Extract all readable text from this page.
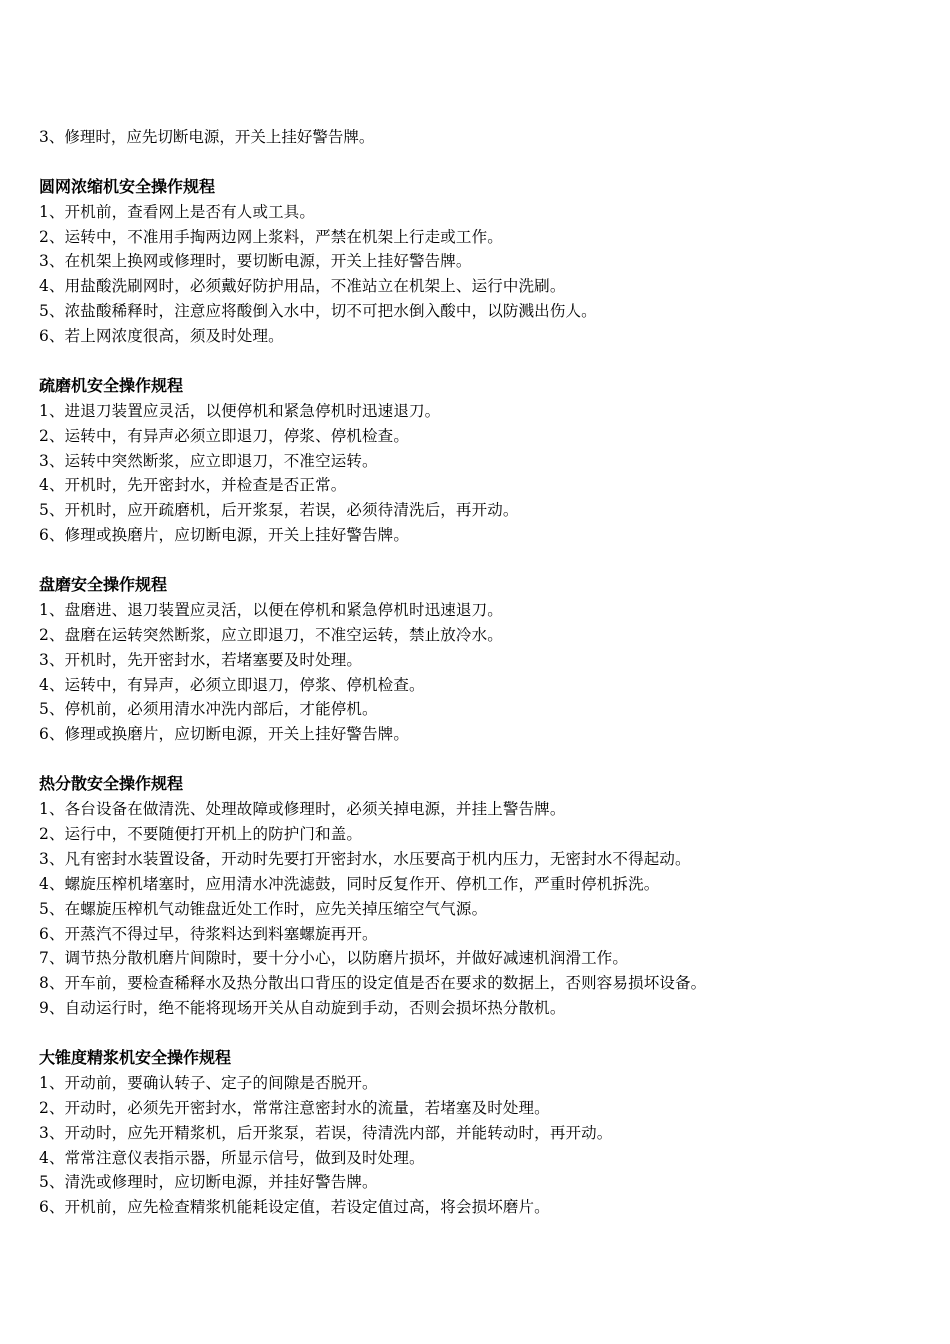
3、修理时，应先切断电源，开关上挂好警告牌。
圆网浓缩机安全操作规程
1、开机前，查看网上是否有人或工具。
2、运转中，不准用手掏两边网上浆料，严禁在机架上行走或工作。
3、在机架上换网或修理时，要切断电源，开关上挂好警告牌。
4、用盐酸洗刷网时，必须戴好防护用品，不准站立在机架上、运行中洗刷。
5、浓盐酸稀释时，注意应将酸倒入水中，切不可把水倒入酸中，以防溅出伤人。
6、若上网浓度很高，须及时处理。
疏磨机安全操作规程
1、进退刀装置应灵活，以便停机和紧急停机时迅速退刀。
2、运转中，有异声必须立即退刀，停浆、停机检查。
3、运转中突然断浆，应立即退刀，不准空运转。
4、开机时，先开密封水，并检查是否正常。
5、开机时，应开疏磨机，后开浆泵，若误，必须待清洗后，再开动。
6、修理或换磨片，应切断电源，开关上挂好警告牌。
盘磨安全操作规程
1、盘磨进、退刀装置应灵活，以便在停机和紧急停机时迅速退刀。
2、盘磨在运转突然断浆，应立即退刀，不准空运转，禁止放冷水。
3、开机时，先开密封水，若堵塞要及时处理。
4、运转中，有异声，必须立即退刀，停浆、停机检查。
5、停机前，必须用清水冲洗内部后，才能停机。
6、修理或换磨片，应切断电源，开关上挂好警告牌。
热分散安全操作规程
1、各台设备在做清洗、处理故障或修理时，必须关掉电源，并挂上警告牌。
2、运行中，不要随便打开机上的防护门和盖。
3、凡有密封水装置设备，开动时先要打开密封水，水压要高于机内压力，无密封水不得起动。
4、螺旋压榨机堵塞时，应用清水冲洗滤鼓，同时反复作开、停机工作，严重时停机拆洗。
5、在螺旋压榨机气动锥盘近处工作时，应先关掉压缩空气气源。
6、开蒸汽不得过早，待浆料达到料塞螺旋再开。
7、调节热分散机磨片间隙时，要十分小心，以防磨片损坏，并做好减速机润滑工作。
8、开车前，要检查稀释水及热分散出口背压的设定值是否在要求的数据上，否则容易损坏设备。
9、自动运行时，绝不能将现场开关从自动旋到手动，否则会损坏热分散机。
大锥度精浆机安全操作规程
1、开动前，要确认转子、定子的间隙是否脱开。
2、开动时，必须先开密封水，常常注意密封水的流量，若堵塞及时处理。
3、开动时，应先开精浆机，后开浆泵，若误，待清洗内部，并能转动时，再开动。
4、常常注意仪表指示器，所显示信号，做到及时处理。
5、清洗或修理时，应切断电源，并挂好警告牌。
6、开机前，应先检查精浆机能耗设定值，若设定值过高，将会损坏磨片。
